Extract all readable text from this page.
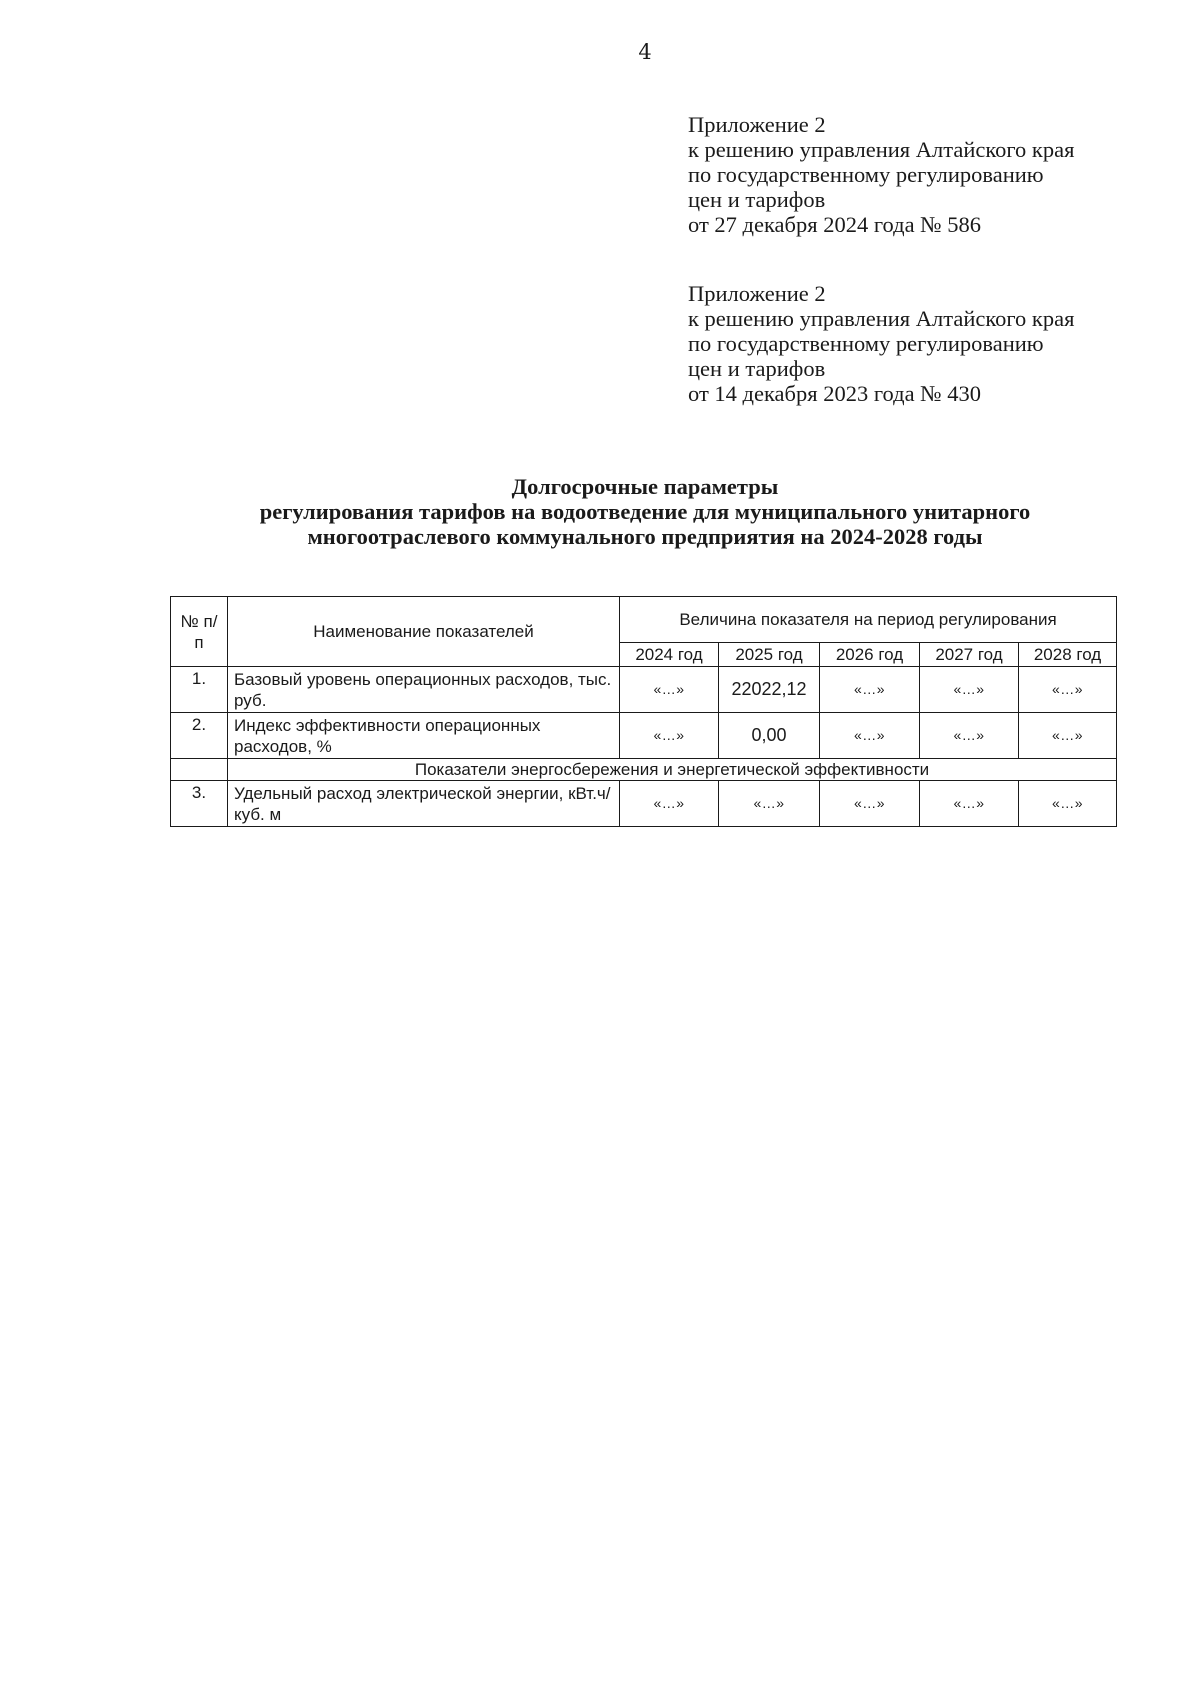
4
Приложение 2
к решению управления Алтайского края
по государственному регулированию
цен и тарифов
от 27 декабря 2024 года № 586
Приложение 2
к решению управления Алтайского края
по государственному регулированию
цен и тарифов
от 14 декабря 2023 года № 430
Долгосрочные параметры
регулирования тарифов на водоотведение для муниципального унитарного
многоотраслевого коммунального предприятия на 2024-2028 годы
№ п/п	Наименование показателей	Величина показателя на период регулирования				
		2024 год	2025 год	2026 год	2027 год	2028 год
1.	Базовый уровень операционных расходов, тыс. руб.	«…»	22022,12	«…»	«…»	«…»
2.	Индекс эффективности операционных расходов, %	«…»	0,00	«…»	«…»	«…»
	Показатели энергосбережения и энергетической эффективности					
3.	Удельный расход электрической энергии, кВт.ч/куб. м	«…»	«…»	«…»	«…»	«…»
